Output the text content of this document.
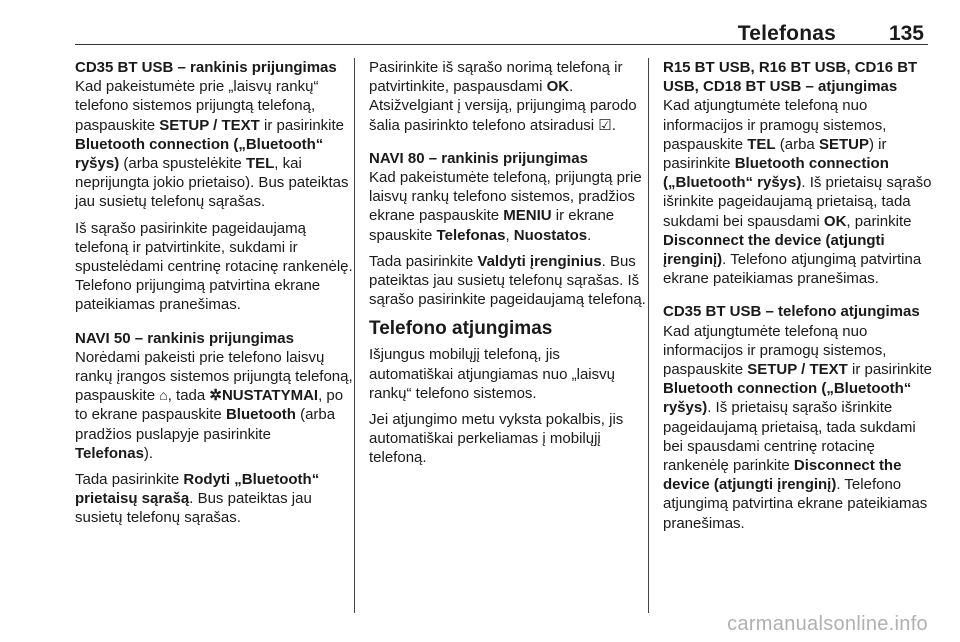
Telefonas	135
CD35 BT USB – rankinis prijungimas

Kad pakeistumėte prie „laisvų rankų“ telefono sistemos prijungtą telefoną, paspauskite SETUP / TEXT ir pasirinkite Bluetooth connection („Bluetooth“ ryšys) (arba spustelėkite TEL, kai neprijungta jokio prietaiso). Bus pateiktas jau susietų telefonų sąrašas.

Iš sąrašo pasirinkite pageidaujamą telefoną ir patvirtinkite, sukdami ir spustelėdami centrinę rotacinę rankenėlę. Telefono prijungimą patvirtina ekrane pateikiamas pranešimas.

NAVI 50 – rankinis prijungimas

Norėdami pakeisti prie telefono laisvų rankų įrangos sistemos prijungtą telefoną, paspauskite ⌂, tada ✲NUSTATYMAI, po to ekrane paspauskite Bluetooth (arba pradžios puslapyje pasirinkite Telefonas).

Tada pasirinkite Rodyti „Bluetooth“ prietaisų sąrašą. Bus pateiktas jau susietų telefonų sąrašas.

Pasirinkite iš sąrašo norimą telefoną ir patvirtinkite, paspausdami OK. Atsižvelgiant į versiją, prijungimą parodo šalia pasirinkto telefono atsiradusi ☑.

NAVI 80 – rankinis prijungimas

Kad pakeistumėte telefoną, prijungtą prie laisvų rankų telefono sistemos, pradžios ekrane paspauskite MENIU ir ekrane spauskite Telefonas, Nuostatos.

Tada pasirinkite Valdyti įrenginius. Bus pateiktas jau susietų telefonų sąrašas. Iš sąrašo pasirinkite pageidaujamą telefoną.

Telefono atjungimas

Išjungus mobilųjį telefoną, jis automatiškai atjungiamas nuo „laisvų rankų“ telefono sistemos.

Jei atjungimo metu vyksta pokalbis, jis automatiškai perkeliamas į mobilųjį telefoną.

R15 BT USB, R16 BT USB, CD16 BT USB, CD18 BT USB – atjungimas

Kad atjungtumėte telefoną nuo informacijos ir pramogų sistemos, paspauskite TEL (arba SETUP) ir pasirinkite Bluetooth connection („Bluetooth“ ryšys). Iš prietaisų sąrašo išrinkite pageidaujamą prietaisą, tada sukdami bei spausdami OK, parinkite Disconnect the device (atjungti įrenginį). Telefono atjungimą patvirtina ekrane pateikiamas pranešimas.

CD35 BT USB – telefono atjungimas

Kad atjungtumėte telefoną nuo informacijos ir pramogų sistemos, paspauskite SETUP / TEXT ir pasirinkite Bluetooth connection („Bluetooth“ ryšys). Iš prietaisų sąrašo išrinkite pageidaujamą prietaisą, tada sukdami bei spausdami centrinę rotacinę rankenėlę parinkite Disconnect the device (atjungti įrenginį). Telefono atjungimą patvirtina ekrane pateikiamas pranešimas.

carmanualsonline.info
